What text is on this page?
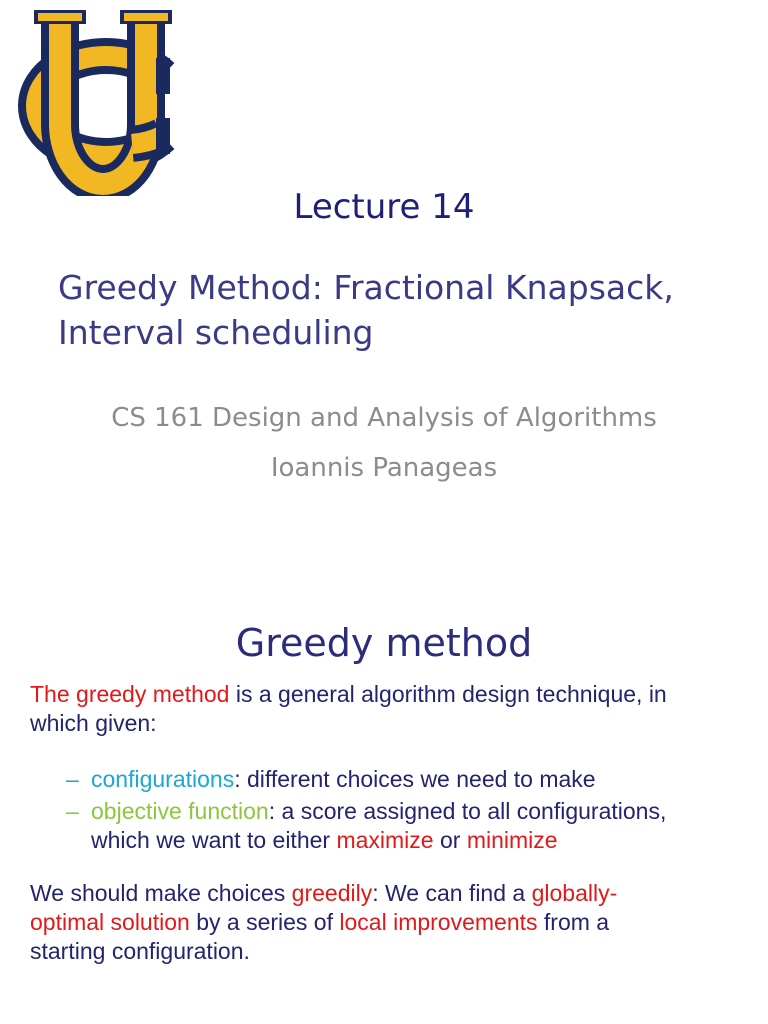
Lecture 14
Greedy Method: Fractional Knapsack,
Interval scheduling
CS 161 Design and Analysis of Algorithms
Ioannis Panageas
Greedy method
The greedy method is a general algorithm design technique, in
which given:
– configurations: different choices we need to make
– objective function: a score assigned to all configurations,
which we want to either maximize or minimize
We should make choices greedily: We can find a globally-
optimal solution by a series of local improvements from a
starting configuration.
